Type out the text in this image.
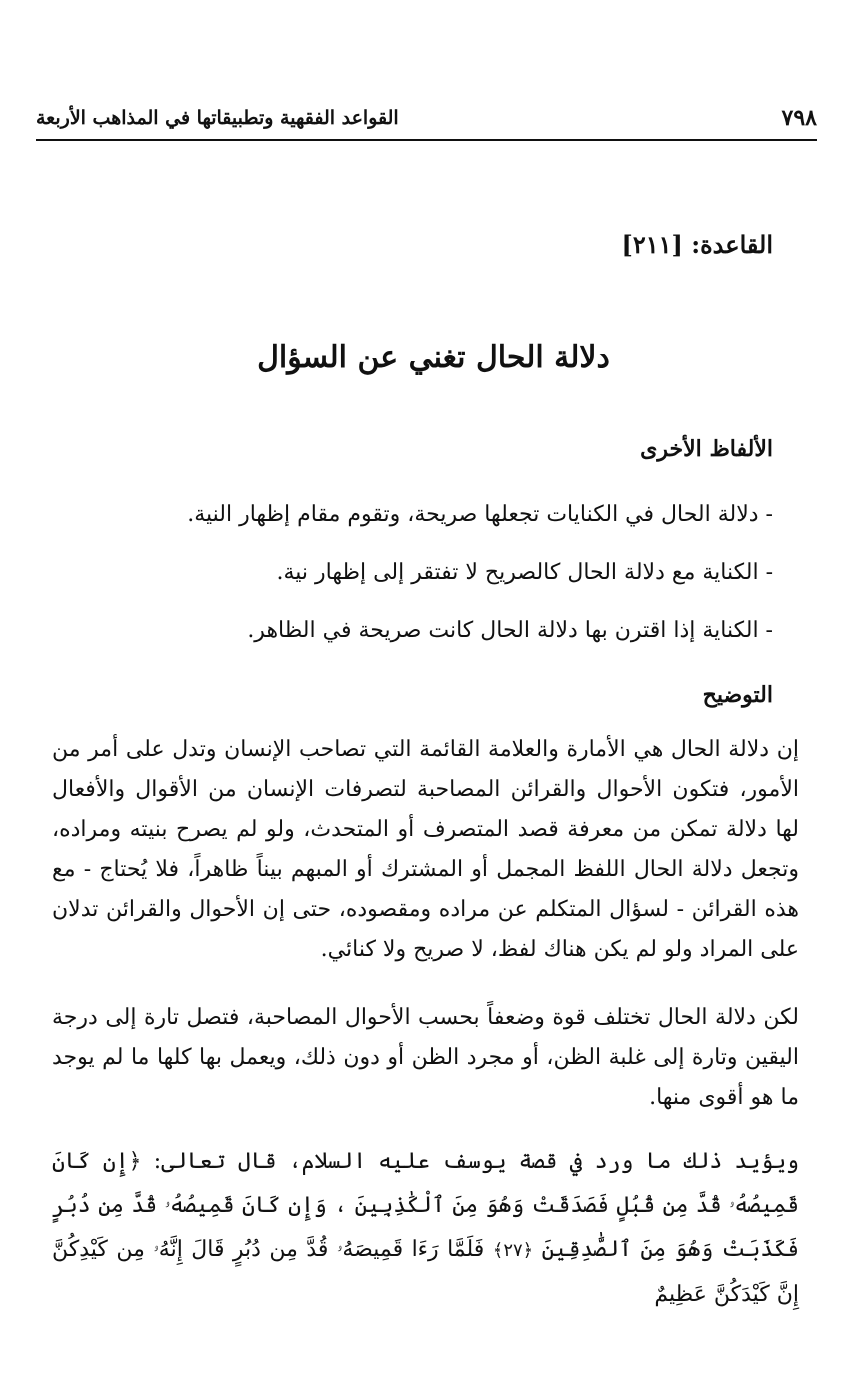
٧٩٨
القواعد الفقهية وتطبيقاتها في المذاهب الأربعة
القاعدة: [٢١١]
دلالة الحال تغني عن السؤال
الألفاظ الأخرى
- دلالة الحال في الكنايات تجعلها صريحة، وتقوم مقام إظهار النية.
- الكناية مع دلالة الحال كالصريح لا تفتقر إلى إظهار نية.
- الكناية إذا اقترن بها دلالة الحال كانت صريحة في الظاهر.
التوضيح
إن دلالة الحال هي الأمارة والعلامة القائمة التي تصاحب الإنسان وتدل على أمر من الأمور، فتكون الأحوال والقرائن المصاحبة لتصرفات الإنسان من الأقوال والأفعال لها دلالة تمكن من معرفة قصد المتصرف أو المتحدث، ولو لم يصرح بنيته ومراده، وتجعل دلالة الحال اللفظ المجمل أو المشترك أو المبهم بيناً ظاهراً، فلا يُحتاج - مع هذه القرائن - لسؤال المتكلم عن مراده ومقصوده، حتى إن الأحوال والقرائن تدلان على المراد ولو لم يكن هناك لفظ، لا صريح ولا كنائي.
لكن دلالة الحال تختلف قوة وضعفاً بحسب الأحوال المصاحبة، فتصل تارة إلى درجة اليقين وتارة إلى غلبة الظن، أو مجرد الظن أو دون ذلك، ويعمل بها كلها ما لم يوجد ما هو أقوى منها.
ويؤيد ذلك ما ورد في قصة يوسف عليه السلام، قال تعالى: ﴿إِن كَانَ قَمِيصُهُۥ قُدَّ مِن قُبُلٍ فَصَدَقَتْ وَهُوَ مِنَ ٱلْكَٰذِبِينَ ، وَإِن كَانَ قَمِيصُهُۥ قُدَّ مِن دُبُرٍ فَكَذَبَتْ وَهُوَ مِنَ ٱلصَّٰدِقِينَ ﴿٢٧﴾ فَلَمَّا رَءَا قَمِيصَهُۥ قُدَّ مِن دُبُرٍ قَالَ إِنَّهُۥ مِن كَيْدِكُنَّ إِنَّ كَيْدَكُنَّ عَظِيمٌ
